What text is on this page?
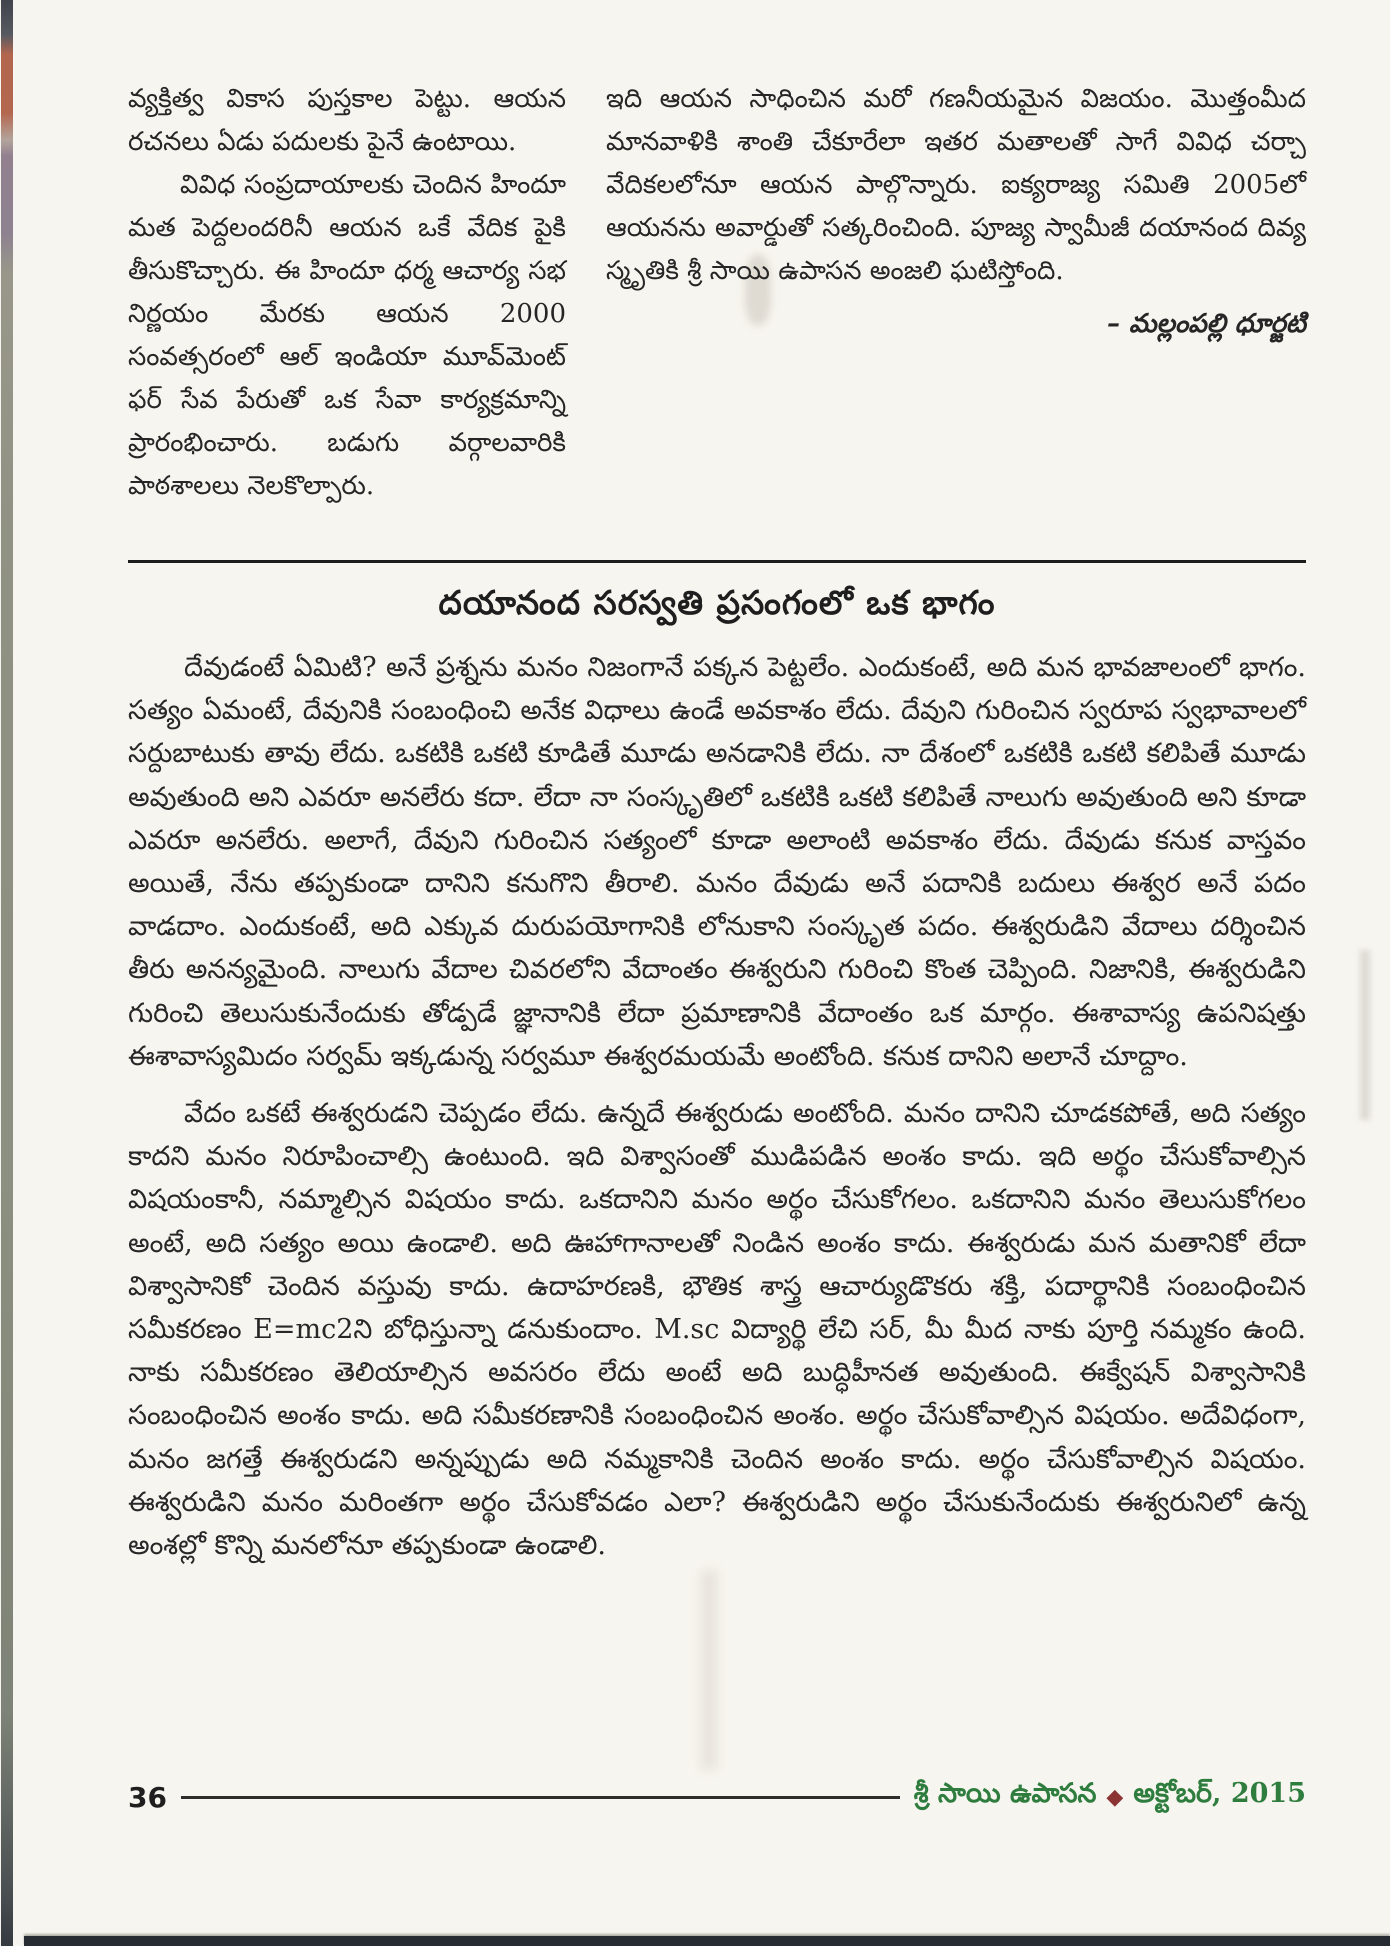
వ్యక్తిత్వ వికాస పుస్తకాల పెట్టు. ఆయన రచనలు ఏడు పదులకు పైనే ఉంటాయి.

వివిధ సంప్రదాయాలకు చెందిన హిందూ మత పెద్దలందరినీ ఆయన ఒకే వేదిక పైకి తీసుకొచ్చారు. ఈ హిందూ ధర్మ ఆచార్య సభ నిర్ణయం మేరకు ఆయన 2000 సంవత్సరంలో ఆల్ ఇండియా మూవ్‌మెంట్ ఫర్ సేవ పేరుతో ఒక సేవా కార్యక్రమాన్ని ప్రారంభించారు. బడుగు వర్గాలవారికి పాఠశాలలు నెలకొల్పారు.

ఇది ఆయన సాధించిన మరో గణనీయమైన విజయం. మొత్తంమీద మానవాళికి శాంతి చేకూరేలా ఇతర మతాలతో సాగే వివిధ చర్చా వేదికలలోనూ ఆయన పాల్గొన్నారు. ఐక్యరాజ్య సమితి 2005లో ఆయనను అవార్డుతో సత్కరించింది. పూజ్య స్వామీజీ దయానంద దివ్య స్మృతికి శ్రీ సాయి ఉపాసన అంజలి ఘటిస్తోంది.

– మల్లంపల్లి ధూర్జటి

దయానంద సరస్వతి ప్రసంగంలో ఒక భాగం

దేవుడంటే ఏమిటి? అనే ప్రశ్నను మనం నిజంగానే పక్కన పెట్టలేం. ఎందుకంటే, అది మన భావజాలంలో భాగం. సత్యం ఏమంటే, దేవునికి సంబంధించి అనేక విధాలు ఉండే అవకాశం లేదు. దేవుని గురించిన స్వరూప స్వభావాలలో సర్దుబాటుకు తావు లేదు. ఒకటికి ఒకటి కూడితే మూడు అనడానికి లేదు. నా దేశంలో ఒకటికి ఒకటి కలిపితే మూడు అవుతుంది అని ఎవరూ అనలేరు కదా. లేదా నా సంస్కృతిలో ఒకటికి ఒకటి కలిపితే నాలుగు అవుతుంది అని కూడా ఎవరూ అనలేరు. అలాగే, దేవుని గురించిన సత్యంలో కూడా అలాంటి అవకాశం లేదు. దేవుడు కనుక వాస్తవం అయితే, నేను తప్పకుండా దానిని కనుగొని తీరాలి. మనం దేవుడు అనే పదానికి బదులు ఈశ్వర అనే పదం వాడదాం. ఎందుకంటే, అది ఎక్కువ దురుపయోగానికి లోనుకాని సంస్కృత పదం. ఈశ్వరుడిని వేదాలు దర్శించిన తీరు అనన్యమైంది. నాలుగు వేదాల చివరలోని వేదాంతం ఈశ్వరుని గురించి కొంత చెప్పింది. నిజానికి, ఈశ్వరుడిని గురించి తెలుసుకునేందుకు తోడ్పడే జ్ఞానానికి లేదా ప్రమాణానికి వేదాంతం ఒక మార్గం. ఈశావాస్య ఉపనిషత్తు ఈశావాస్యమిదం సర్వమ్ ఇక్కడున్న సర్వమూ ఈశ్వరమయమే అంటోంది. కనుక దానిని అలానే చూద్దాం.

వేదం ఒకటే ఈశ్వరుడని చెప్పడం లేదు. ఉన్నదే ఈశ్వరుడు అంటోంది. మనం దానిని చూడకపోతే, అది సత్యం కాదని మనం నిరూపించాల్సి ఉంటుంది. ఇది విశ్వాసంతో ముడిపడిన అంశం కాదు. ఇది అర్థం చేసుకోవాల్సిన విషయంకానీ, నమ్మాల్సిన విషయం కాదు. ఒకదానిని మనం అర్థం చేసుకోగలం. ఒకదానిని మనం తెలుసుకోగలం అంటే, అది సత్యం అయి ఉండాలి. అది ఊహాగానాలతో నిండిన అంశం కాదు. ఈశ్వరుడు మన మతానికో లేదా విశ్వాసానికో చెందిన వస్తువు కాదు. ఉదాహరణకి, భౌతిక శాస్త్ర ఆచార్యుడొకరు శక్తి, పదార్థానికి సంబంధించిన సమీకరణం E=mc2ని బోధిస్తున్నా డనుకుందాం. M.sc విద్యార్థి లేచి సర్, మీ మీద నాకు పూర్తి నమ్మకం ఉంది. నాకు సమీకరణం తెలియాల్సిన అవసరం లేదు అంటే అది బుద్ధిహీనత అవుతుంది. ఈక్వేషన్ విశ్వాసానికి సంబంధించిన అంశం కాదు. అది సమీకరణానికి సంబంధించిన అంశం. అర్థం చేసుకోవాల్సిన విషయం. అదేవిధంగా, మనం జగత్తే ఈశ్వరుడని అన్నప్పుడు అది నమ్మకానికి చెందిన అంశం కాదు. అర్థం చేసుకోవాల్సిన విషయం. ఈశ్వరుడిని మనం మరింతగా అర్థం చేసుకోవడం ఎలా? ఈశ్వరుడిని అర్థం చేసుకునేందుకు ఈశ్వరునిలో ఉన్న అంశల్లో కొన్ని మనలోనూ తప్పకుండా ఉండాలి.

36	శ్రీ సాయి ఉపాసన ◆ అక్టోబర్, 2015
